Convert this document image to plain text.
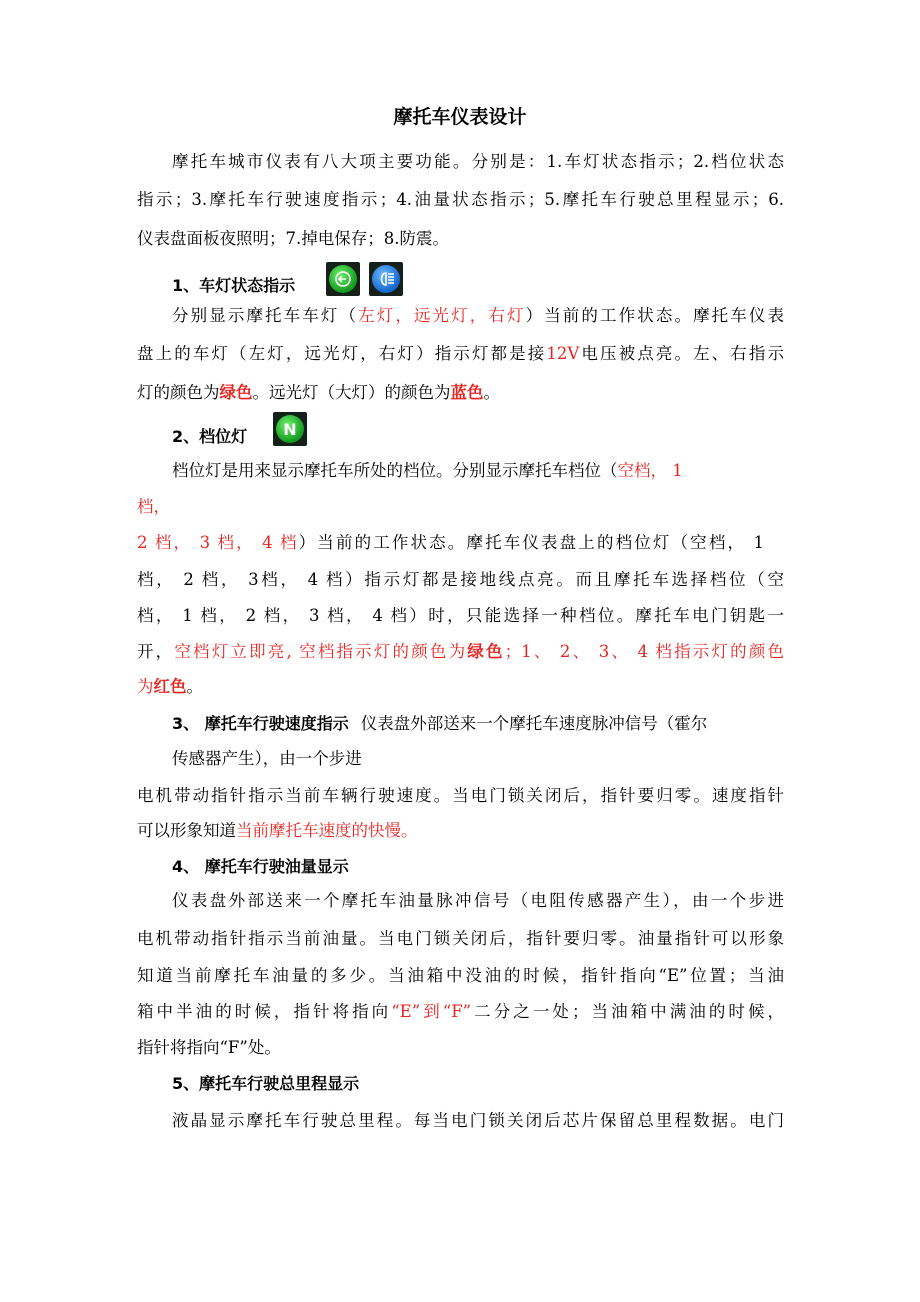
摩托车仪表设计
摩托车城市仪表有八大项主要功能。分别是：1.车灯状态指示；2.档位状态
指示；3.摩托车行驶速度指示；4.油量状态指示；5.摩托车行驶总里程显示；6.
仪表盘面板夜照明；7.掉电保存；8.防震。
1、车灯状态指示
分别显示摩托车车灯（左灯，远光灯，右灯）当前的工作状态。摩托车仪表
盘上的车灯（左灯，远光灯，右灯）指示灯都是接12V电压被点亮。左、右指示
灯的颜色为绿色。远光灯（大灯）的颜色为蓝色。
2、档位灯 N
档位灯是用来显示摩托车所处的档位。分别显示摩托车档位（空档， 1
档，
2 档， 3 档， 4 档）当前的工作状态。摩托车仪表盘上的档位灯（空档， 1
档， 2 档， 3档， 4 档）指示灯都是接地线点亮。而且摩托车选择档位（空
档， 1 档， 2 档， 3 档， 4 档）时，只能选择一种档位。摩托车电门钥匙一
开，空档灯立即亮, 空档指示灯的颜色为绿色；1、 2、 3、 4 档指示灯的颜色
为红色。
3、 摩托车行驶速度指示 仪表盘外部送来一个摩托车速度脉冲信号（霍尔
传感器产生），由一个步进
电机带动指针指示当前车辆行驶速度。当电门锁关闭后，指针要归零。速度指针
可以形象知道当前摩托车速度的快慢。
4、 摩托车行驶油量显示
仪表盘外部送来一个摩托车油量脉冲信号（电阻传感器产生），由一个步进
电机带动指针指示当前油量。当电门锁关闭后，指针要归零。油量指针可以形象
知道当前摩托车油量的多少。当油箱中没油的时候，指针指向“E”位置；当油
箱中半油的时候，指针将指向“E”到“F”二分之一处；当油箱中满油的时候，
指针将指向“F”处。
5、摩托车行驶总里程显示
液晶显示摩托车行驶总里程。每当电门锁关闭后芯片保留总里程数据。电门
